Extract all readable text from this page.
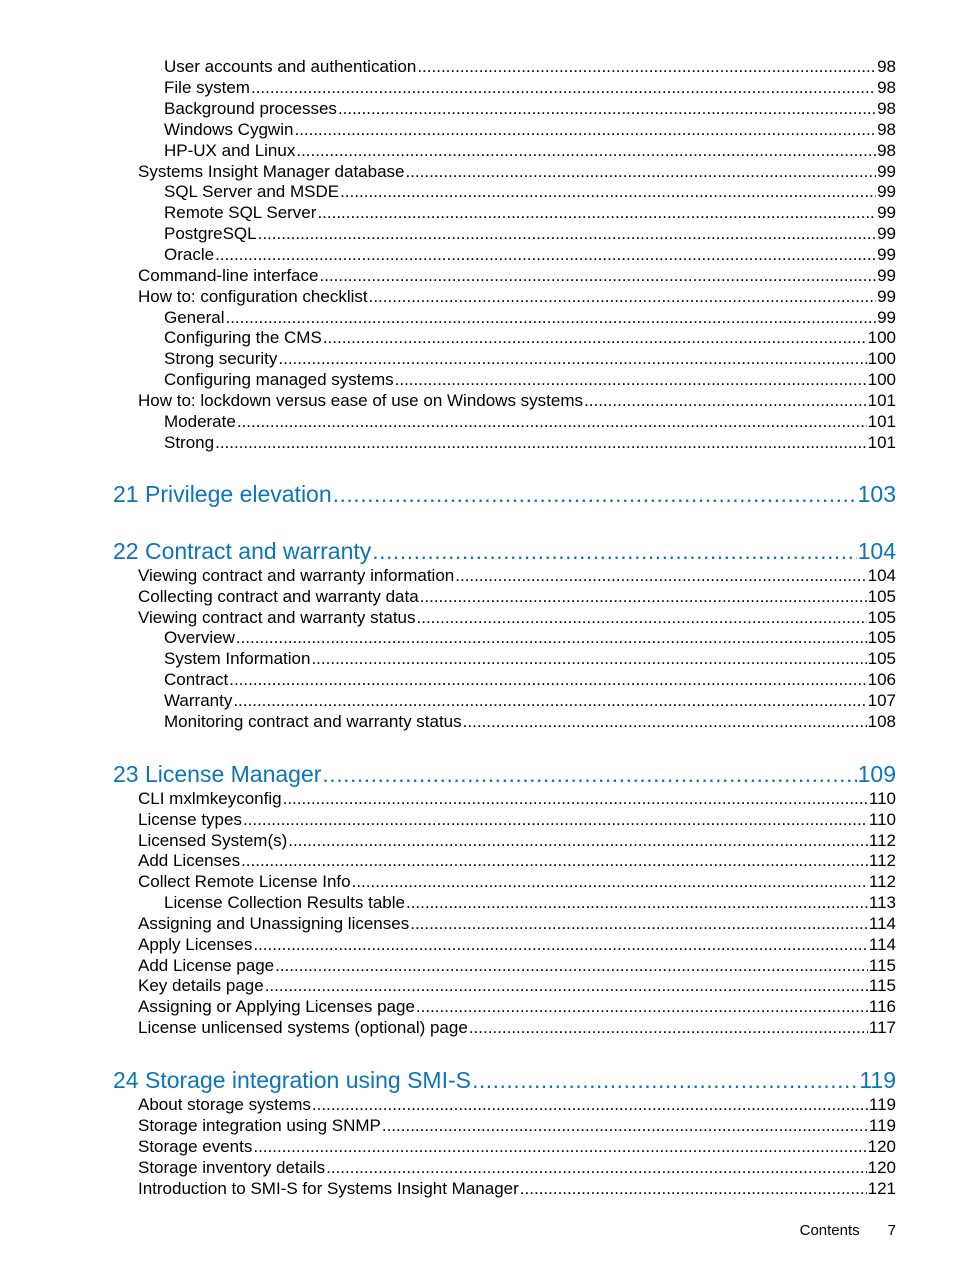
User accounts and authentication .....	98
File system .....	98
Background processes .....	98
Windows Cygwin .....	98
HP-UX and Linux .....	98
Systems Insight Manager database .....	99
SQL Server and MSDE .....	99
Remote SQL Server .....	99
PostgreSQL .....	99
Oracle .....	99
Command-line interface .....	99
How to: configuration checklist .....	99
General .....	99
Configuring the CMS .....	100
Strong security .....	100
Configuring managed systems .....	100
How to: lockdown versus ease of use on Windows systems .....	101
Moderate .....	101
Strong .....	101
21 Privilege elevation .....	103
22 Contract and warranty .....	104
Viewing contract and warranty information .....	104
Collecting contract and warranty data .....	105
Viewing contract and warranty status .....	105
Overview .....	105
System Information .....	105
Contract .....	106
Warranty .....	107
Monitoring contract and warranty status .....	108
23 License Manager .....	109
CLI mxlmkeyconfig .....	110
License types .....	110
Licensed System(s) .....	112
Add Licenses .....	112
Collect Remote License Info .....	112
License Collection Results table .....	113
Assigning and Unassigning licenses .....	114
Apply Licenses .....	114
Add License page .....	115
Key details page .....	115
Assigning or Applying Licenses page .....	116
License unlicensed systems (optional) page .....	117
24 Storage integration using SMI-S .....	119
About storage systems .....	119
Storage integration using SNMP .....	119
Storage events .....	120
Storage inventory details .....	120
Introduction to SMI-S for Systems Insight Manager .....	121
Contents 7
